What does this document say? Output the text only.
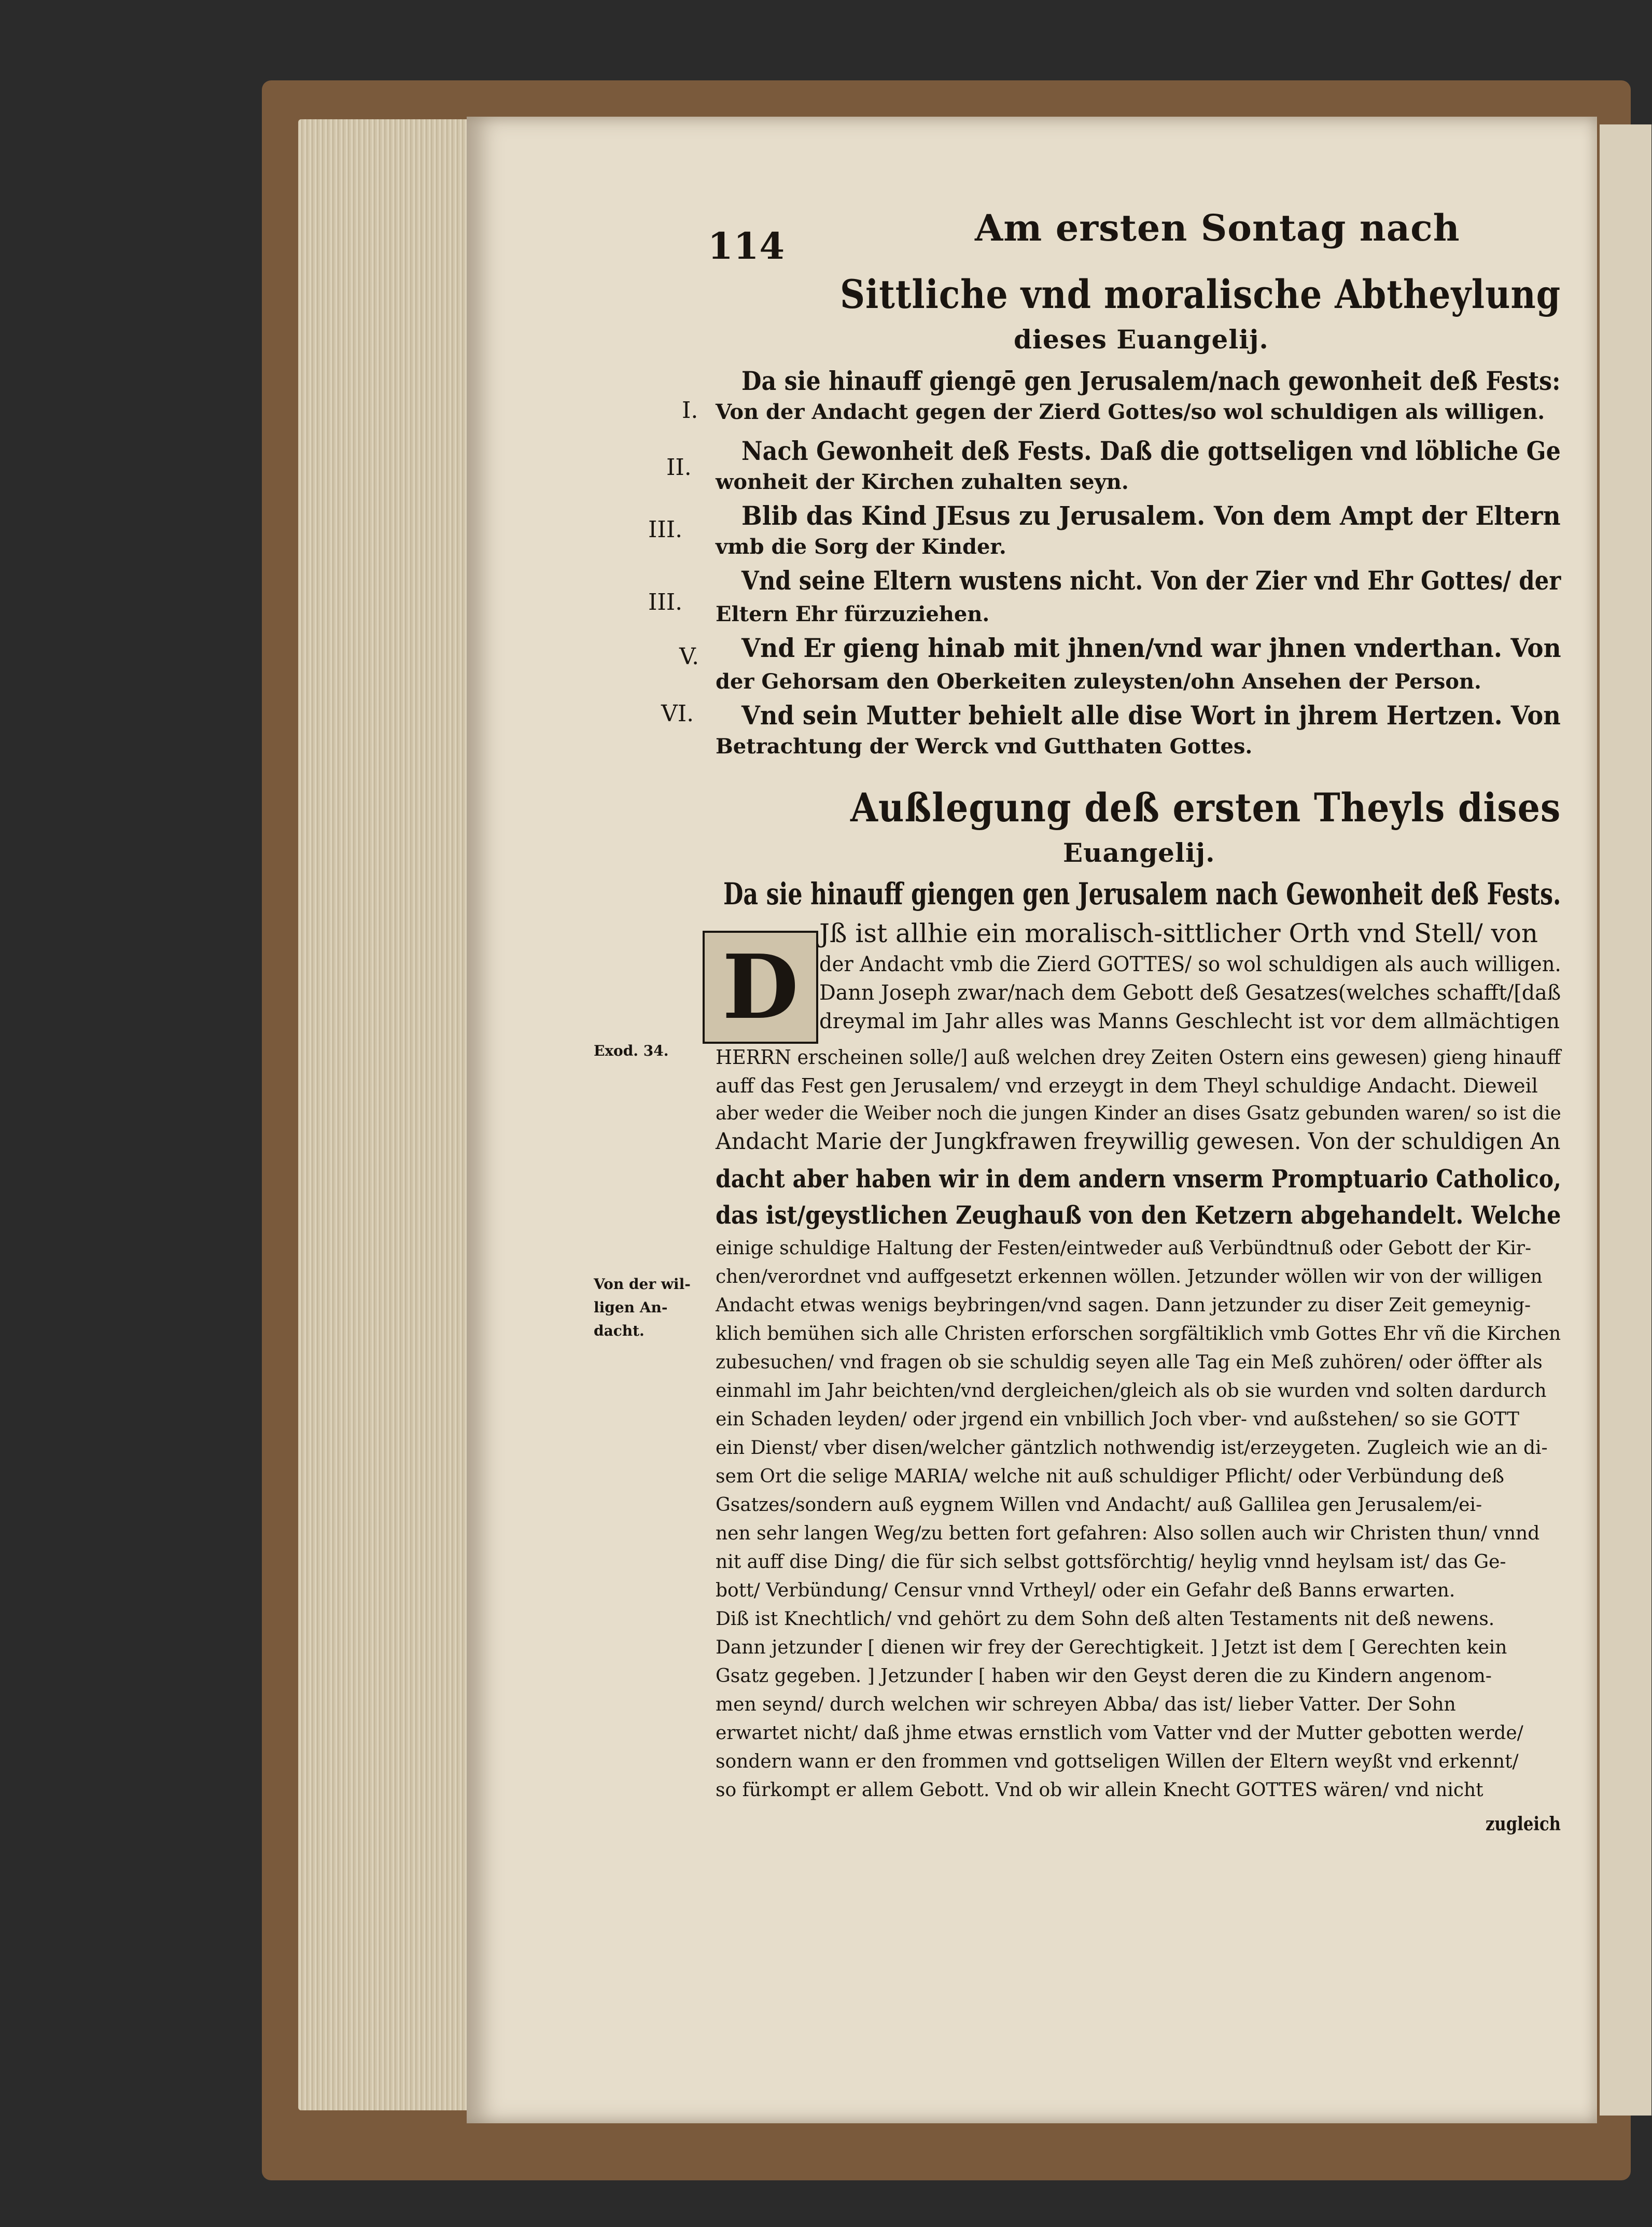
114	Am ersten Sontag nach
Sittliche vnd moralische Abtheylung
dieses Euangelij.
I.
Da sie hinauff giengē gen Jerusalem/nach gewonheit deß Fests:
Von der Andacht gegen der Zierd Gottes/so wol schuldigen als willigen.
II.
Nach Gewonheit deß Fests. Daß die gottseligen vnd löbliche Ge
wonheit der Kirchen zuhalten seyn.
III. Blib das Kind JEsus zu Jerusalem. Von dem Ampt der Eltern
vmb die Sorg der Kinder.
III.
Vnd seine Eltern wustens nicht. Von der Zier vnd Ehr Gottes/ der
Eltern Ehr fürzuziehen.
V. Vnd Er gieng hinab mit jhnen/vnd war jhnen vnderthan. Von
der Gehorsam den Oberkeiten zuleysten/ohn Ansehen der Person.
VI. Vnd sein Mutter behielt alle dise Wort in jhrem Hertzen. Von
Betrachtung der Werck vnd Gutthaten Gottes.
Außlegung deß ersten Theyls dises
Euangelij.
Da sie hinauff giengen gen Jerusalem nach Gewonheit deß Fests.
D
Exod. 34.
Von der wil-
ligen An-
dacht.
Jß ist allhie ein moralisch-sittlicher Orth vnd Stell/ von
der Andacht vmb die Zierd GOTTES/ so wol schuldigen als auch willigen.
Dann Joseph zwar/nach dem Gebott deß Gesatzes(welches schafft/[daß
dreymal im Jahr alles was Manns Geschlecht ist vor dem allmächtigen
HERRN erscheinen solle/] auß welchen drey Zeiten Ostern eins gewesen) gieng hinauff
auff das Fest gen Jerusalem/ vnd erzeygt in dem Theyl schuldige Andacht. Dieweil
aber weder die Weiber noch die jungen Kinder an dises Gsatz gebunden waren/ so ist die
Andacht Marie der Jungkfrawen freywillig gewesen. Von der schuldigen An
dacht aber haben wir in dem andern vnserm Promptuario Catholico,
das ist/geystlichen Zeughauß von den Ketzern abgehandelt. Welche
einige schuldige Haltung der Festen/eintweder auß Verbündtnuß oder Gebott der Kir-
chen/verordnet vnd auffgesetzt erkennen wöllen. Jetzunder wöllen wir von der willigen
Andacht etwas wenigs beybringen/vnd sagen. Dann jetzunder zu diser Zeit gemeynig-
klich bemühen sich alle Christen erforschen sorgfältiklich vmb Gottes Ehr vñ die Kirchen
zubesuchen/ vnd fragen ob sie schuldig seyen alle Tag ein Meß zuhören/ oder öffter als
einmahl im Jahr beichten/vnd dergleichen/gleich als ob sie wurden vnd solten dardurch
ein Schaden leyden/ oder jrgend ein vnbillich Joch vber- vnd außstehen/ so sie GOTT
ein Dienst/ vber disen/welcher gäntzlich nothwendig ist/erzeygeten. Zugleich wie an di-
sem Ort die selige MARIA/ welche nit auß schuldiger Pflicht/ oder Verbündung deß
Gsatzes/sondern auß eygnem Willen vnd Andacht/ auß Gallilea gen Jerusalem/ei-
nen sehr langen Weg/zu betten fort gefahren: Also sollen auch wir Christen thun/ vnnd
nit auff dise Ding/ die für sich selbst gottsförchtig/ heylig vnnd heylsam ist/ das Ge-
bott/ Verbündung/ Censur vnnd Vrtheyl/ oder ein Gefahr deß Banns erwarten.
Diß ist Knechtlich/ vnd gehört zu dem Sohn deß alten Testaments nit deß newens.
Dann jetzunder [ dienen wir frey der Gerechtigkeit. ] Jetzt ist dem [ Gerechten kein
Gsatz gegeben. ] Jetzunder [ haben wir den Geyst deren die zu Kindern angenom-
men seynd/ durch welchen wir schreyen Abba/ das ist/ lieber Vatter. Der Sohn
erwartet nicht/ daß jhme etwas ernstlich vom Vatter vnd der Mutter gebotten werde/
sondern wann er den frommen vnd gottseligen Willen der Eltern weyßt vnd erkennt/
so fürkompt er allem Gebott. Vnd ob wir allein Knecht GOTTES wären/ vnd nicht
zugleich
